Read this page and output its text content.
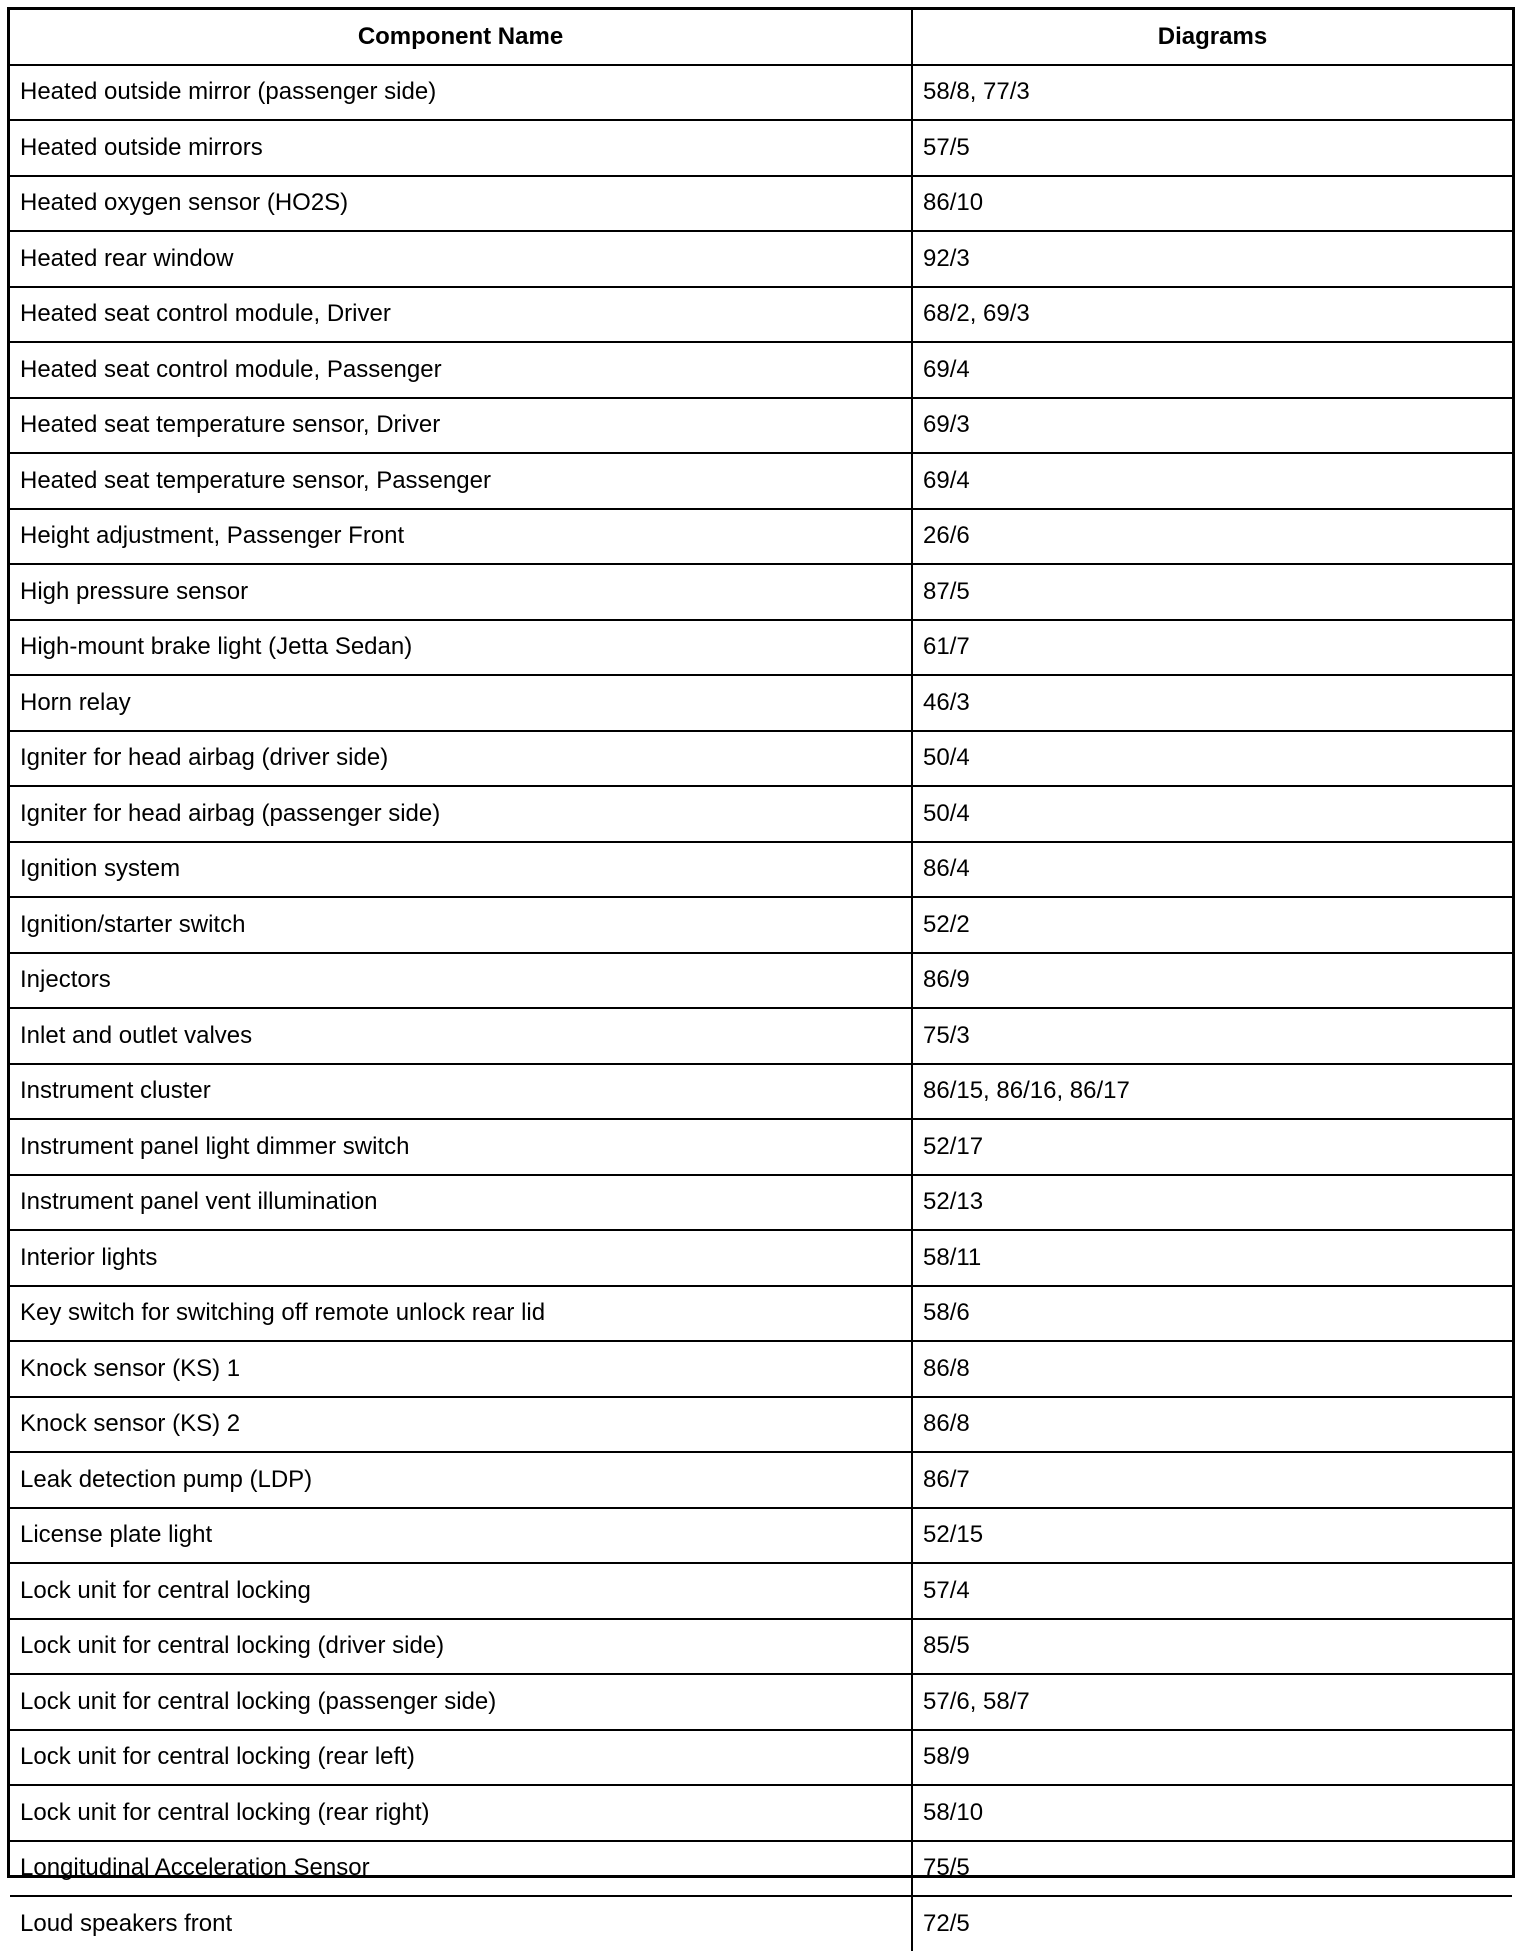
Component Name	Diagrams
Heated outside mirror (passenger side)	58/8, 77/3
Heated outside mirrors	57/5
Heated oxygen sensor (HO2S)	86/10
Heated rear window	92/3
Heated seat control module, Driver	68/2, 69/3
Heated seat control module, Passenger	69/4
Heated seat temperature sensor, Driver	69/3
Heated seat temperature sensor, Passenger	69/4
Height adjustment, Passenger Front	26/6
High pressure sensor	87/5
High-mount brake light (Jetta Sedan)	61/7
Horn relay	46/3
Igniter for head airbag (driver side)	50/4
Igniter for head airbag (passenger side)	50/4
Ignition system	86/4
Ignition/starter switch	52/2
Injectors	86/9
Inlet and outlet valves	75/3
Instrument cluster	86/15, 86/16, 86/17
Instrument panel light dimmer switch	52/17
Instrument panel vent illumination	52/13
Interior lights	58/11
Key switch for switching off remote unlock rear lid	58/6
Knock sensor (KS) 1	86/8
Knock sensor (KS) 2	86/8
Leak detection pump (LDP)	86/7
License plate light	52/15
Lock unit for central locking	57/4
Lock unit for central locking (driver side)	85/5
Lock unit for central locking (passenger side)	57/6, 58/7
Lock unit for central locking (rear left)	58/9
Lock unit for central locking (rear right)	58/10
Longitudinal Acceleration Sensor	75/5
Loud speakers front	72/5
